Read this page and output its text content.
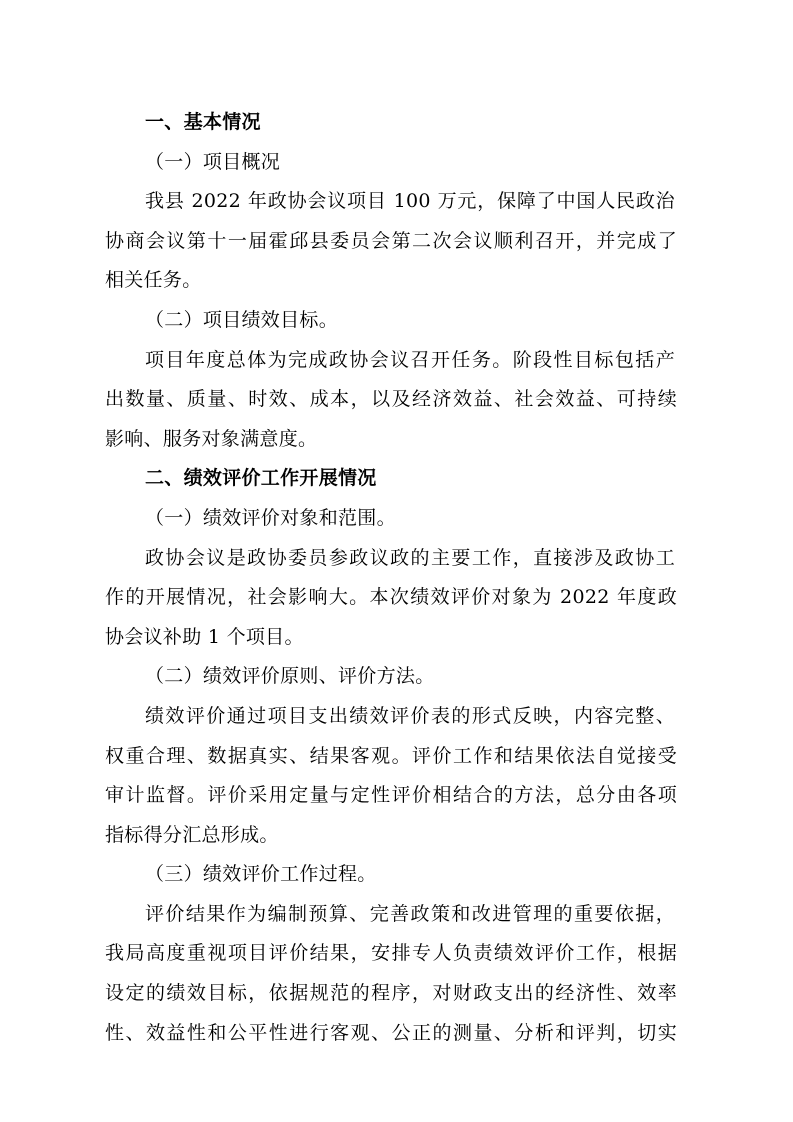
一、基本情况
（一）项目概况
我县 2022 年政协会议项目 100 万元，保障了中国人民政治
协商会议第十一届霍邱县委员会第二次会议顺利召开，并完成了
相关任务。
（二）项目绩效目标。
项目年度总体为完成政协会议召开任务。阶段性目标包括产
出数量、质量、时效、成本，以及经济效益、社会效益、可持续
影响、服务对象满意度。
二、绩效评价工作开展情况
（一）绩效评价对象和范围。
政协会议是政协委员参政议政的主要工作，直接涉及政协工
作的开展情况，社会影响大。本次绩效评价对象为 2022 年度政
协会议补助 1 个项目。
（二）绩效评价原则、评价方法。
绩效评价通过项目支出绩效评价表的形式反映，内容完整、
权重合理、数据真实、结果客观。评价工作和结果依法自觉接受
审计监督。评价采用定量与定性评价相结合的方法，总分由各项
指标得分汇总形成。
（三）绩效评价工作过程。
评价结果作为编制预算、完善政策和改进管理的重要依据，
我局高度重视项目评价结果，安排专人负责绩效评价工作，根据
设定的绩效目标，依据规范的程序，对财政支出的经济性、效率
性、效益性和公平性进行客观、公正的测量、分析和评判，切实
